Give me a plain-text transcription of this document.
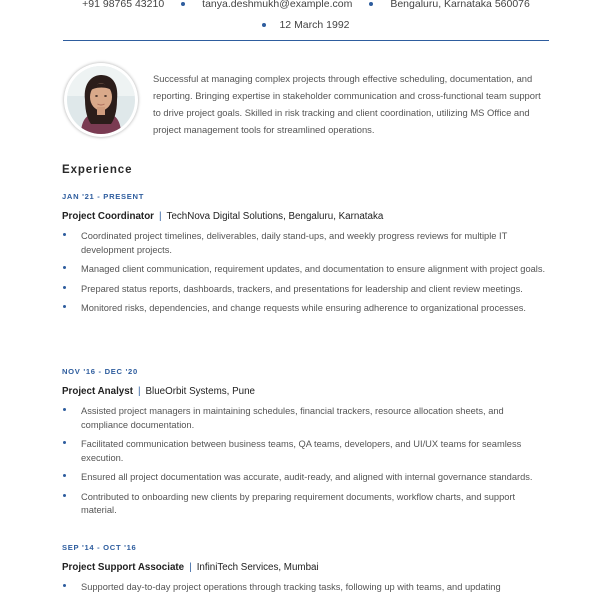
+91 98765 43210	tanya.deshmukh@example.com	Bengaluru, Karnataka 560076
12 March 1992

Successful at managing complex projects through effective scheduling, documentation, and reporting. Bringing expertise in stakeholder communication and cross-functional team support to drive project goals. Skilled in risk tracking and client coordination, utilizing MS Office and project management tools for streamlined operations.

Experience

JAN '21 - PRESENT

Project Coordinator | TechNova Digital Solutions, Bengaluru, Karnataka

Coordinated project timelines, deliverables, daily stand-ups, and weekly progress reviews for multiple IT development projects.
Managed client communication, requirement updates, and documentation to ensure alignment with project goals.
Prepared status reports, dashboards, trackers, and presentations for leadership and client review meetings.
Monitored risks, dependencies, and change requests while ensuring adherence to organizational processes.

NOV '16 - DEC '20

Project Analyst | BlueOrbit Systems, Pune

Assisted project managers in maintaining schedules, financial trackers, resource allocation sheets, and compliance documentation.
Facilitated communication between business teams, QA teams, developers, and UI/UX teams for seamless execution.
Ensured all project documentation was accurate, audit-ready, and aligned with internal governance standards.
Contributed to onboarding new clients by preparing requirement documents, workflow charts, and support material.

SEP '14 - OCT '16

Project Support Associate | InfiniTech Services, Mumbai

Supported day-to-day project operations through tracking tasks, following up with teams, and updating
